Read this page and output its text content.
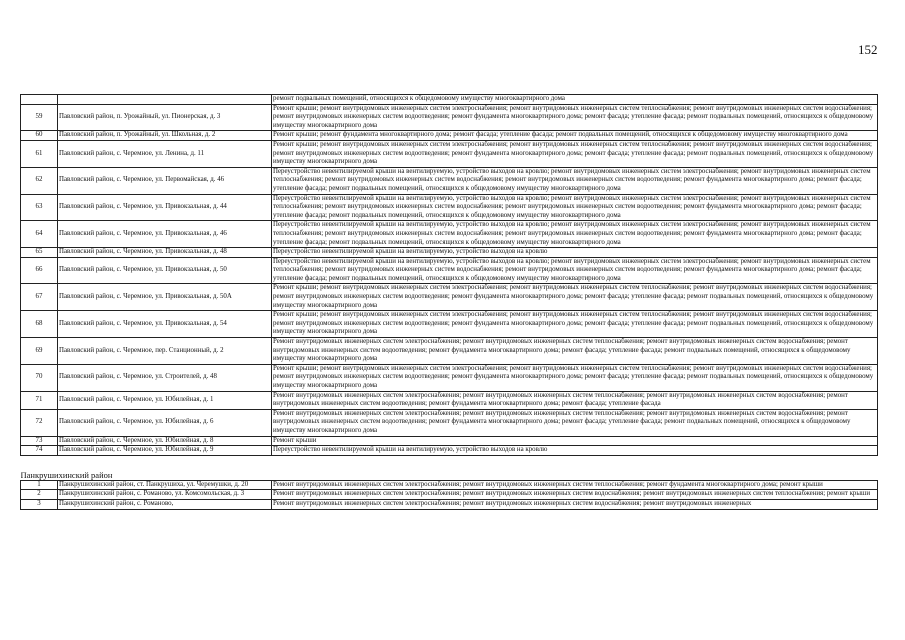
152
		ремонт подвальных помещений, относящихся к общедомовому имуществу многоквартирного дома
59	Павловский район, п. Урожайный, ул. Пионерская, д. 3	Ремонт крыши; ремонт внутридомовых инженерных систем электроснабжения; ремонт внутридомовых инженерных систем теплоснабжения; ремонт внутридомовых инженерных систем водоснабжения; ремонт внутридомовых инженерных систем водоотведения; ремонт фундамента многоквартирного дома; ремонт фасада; утепление фасада; ремонт подвальных помещений, относящихся к общедомовому имуществу многоквартирного дома
60	Павловский район, п. Урожайный, ул. Школьная, д. 2	Ремонт крыши; ремонт фундамента многоквартирного дома; ремонт фасада; утепление фасада; ремонт подвальных помещений, относящихся к общедомовому имуществу многоквартирного дома
61	Павловский район, с. Черемное, ул. Ленина, д. 11	Ремонт крыши; ремонт внутридомовых инженерных систем электроснабжения; ремонт внутридомовых инженерных систем теплоснабжения; ремонт внутридомовых инженерных систем водоснабжения; ремонт внутридомовых инженерных систем водоотведения; ремонт фундамента многоквартирного дома; ремонт фасада; утепление фасада; ремонт подвальных помещений, относящихся к общедомовому имуществу многоквартирного дома
62	Павловский район, с. Черемное, ул. Первомайская, д. 46	Переустройство невентилируемой крыши на вентилируемую, устройство выходов на кровлю; ремонт внутридомовых инженерных систем электроснабжения; ремонт внутридомовых инженерных систем теплоснабжения; ремонт внутридомовых инженерных систем водоснабжения; ремонт внутридомовых инженерных систем водоотведения; ремонт фундамента многоквартирного дома; ремонт фасада; утепление фасада; ремонт подвальных помещений, относящихся к общедомовому имуществу многоквартирного дома
63	Павловский район, с. Черемное, ул. Привокзальная, д. 44	Переустройство невентилируемой крыши на вентилируемую, устройство выходов на кровлю; ремонт внутридомовых инженерных систем электроснабжения; ремонт внутридомовых инженерных систем теплоснабжения; ремонт внутридомовых инженерных систем водоснабжения; ремонт внутридомовых инженерных систем водоотведения; ремонт фундамента многоквартирного дома; ремонт фасада; утепление фасада; ремонт подвальных помещений, относящихся к общедомовому имуществу многоквартирного дома
64	Павловский район, с. Черемное, ул. Привокзальная, д. 46	Переустройство невентилируемой крыши на вентилируемую, устройство выходов на кровлю; ремонт внутридомовых инженерных систем электроснабжения; ремонт внутридомовых инженерных систем теплоснабжения; ремонт внутридомовых инженерных систем водоснабжения; ремонт внутридомовых инженерных систем водоотведения; ремонт фундамента многоквартирного дома; ремонт фасада; утепление фасада; ремонт подвальных помещений, относящихся к общедомовому имуществу многоквартирного дома
65	Павловский район, с. Черемное, ул. Привокзальная, д. 48	Переустройство невентилируемой крыши на вентилируемую, устройство выходов на кровлю
66	Павловский район, с. Черемное, ул. Привокзальная, д. 50	Переустройство невентилируемой крыши на вентилируемую, устройство выходов на кровлю; ремонт внутридомовых инженерных систем электроснабжения; ремонт внутридомовых инженерных систем теплоснабжения; ремонт внутридомовых инженерных систем водоснабжения; ремонт внутридомовых инженерных систем водоотведения; ремонт фундамента многоквартирного дома; ремонт фасада; утепление фасада; ремонт подвальных помещений, относящихся к общедомовому имуществу многоквартирного дома
67	Павловский район, с. Черемное, ул. Привокзальная, д. 50А	Ремонт крыши; ремонт внутридомовых инженерных систем электроснабжения; ремонт внутридомовых инженерных систем теплоснабжения; ремонт внутридомовых инженерных систем водоснабжения; ремонт внутридомовых инженерных систем водоотведения; ремонт фундамента многоквартирного дома; ремонт фасада; утепление фасада; ремонт подвальных помещений, относящихся к общедомовому имуществу многоквартирного дома
68	Павловский район, с. Черемное, ул. Привокзальная, д. 54	Ремонт крыши; ремонт внутридомовых инженерных систем электроснабжения; ремонт внутридомовых инженерных систем теплоснабжения; ремонт внутридомовых инженерных систем водоснабжения; ремонт внутридомовых инженерных систем водоотведения; ремонт фундамента многоквартирного дома; ремонт фасада; утепление фасада; ремонт подвальных помещений, относящихся к общедомовому имуществу многоквартирного дома
69	Павловский район, с. Черемное, пер. Станционный, д. 2	Ремонт внутридомовых инженерных систем электроснабжения; ремонт внутридомовых инженерных систем теплоснабжения; ремонт внутридомовых инженерных систем водоснабжения; ремонт внутридомовых инженерных систем водоотведения; ремонт фундамента многоквартирного дома; ремонт фасада; утепление фасада; ремонт подвальных помещений, относящихся к общедомовому имуществу многоквартирного дома
70	Павловский район, с. Черемное, ул. Строителей, д. 48	Ремонт крыши; ремонт внутридомовых инженерных систем электроснабжения; ремонт внутридомовых инженерных систем теплоснабжения; ремонт внутридомовых инженерных систем водоснабжения; ремонт внутридомовых инженерных систем водоотведения; ремонт фундамента многоквартирного дома; ремонт фасада; утепление фасада; ремонт подвальных помещений, относящихся к общедомовому имуществу многоквартирного дома
71	Павловский район, с. Черемное, ул. Юбилейная, д. 1	Ремонт внутридомовых инженерных систем электроснабжения; ремонт внутридомовых инженерных систем теплоснабжения; ремонт внутридомовых инженерных систем водоснабжения; ремонт внутридомовых инженерных систем водоотведения; ремонт фундамента многоквартирного дома; ремонт фасада; утепление фасада
72	Павловский район, с. Черемное, ул. Юбилейная, д. 6	Ремонт внутридомовых инженерных систем электроснабжения; ремонт внутридомовых инженерных систем теплоснабжения; ремонт внутридомовых инженерных систем водоснабжения; ремонт внутридомовых инженерных систем водоотведения; ремонт фундамента многоквартирного дома; ремонт фасада; утепление фасада; ремонт подвальных помещений, относящихся к общедомовому имуществу многоквартирного дома
73	Павловский район, с. Черемное, ул. Юбилейная, д. 8	Ремонт крыши
74	Павловский район, с. Черемное, ул. Юбилейная, д. 9	Переустройство невентилируемой крыши на вентилируемую, устройство выходов на кровлю
Панкрушихинский район		
1	Панкрушихинский район, ст. Панкрушиха, ул. Черемушки, д. 20	Ремонт внутридомовых инженерных систем электроснабжения; ремонт внутридомовых инженерных систем теплоснабжения; ремонт фундамента многоквартирного дома; ремонт крыши
2	Панкрушихинский район, с. Романово, ул. Комсомольская, д. 3	Ремонт внутридомовых инженерных систем электроснабжения; ремонт внутридомовых инженерных систем водоснабжения; ремонт внутридомовых инженерных систем теплоснабжения; ремонт крыши
3	Панкрушихинский район, с. Романово,	Ремонт внутридомовых инженерных систем электроснабжения; ремонт внутридомовых инженерных систем водоснабжения; ремонт внутридомовых инженерных
